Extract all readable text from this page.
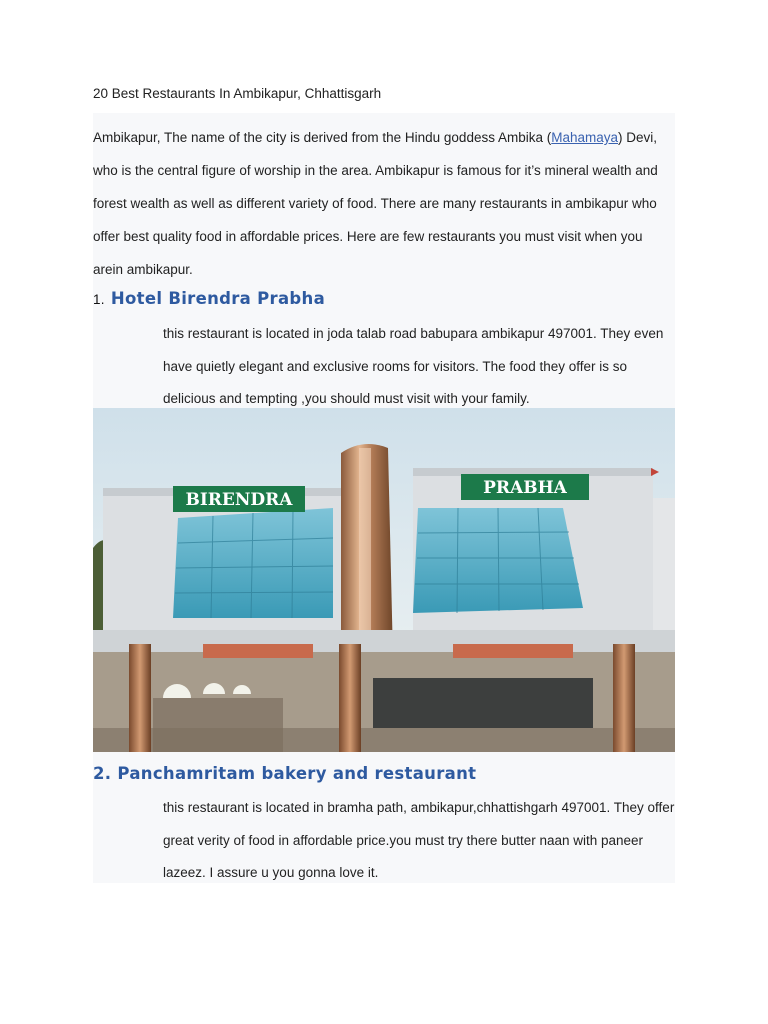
20 Best Restaurants In Ambikapur, Chhattisgarh
Ambikapur, The name of the city is derived from the Hindu goddess Ambika (Mahamaya) Devi, who is the central figure of worship in the area. Ambikapur is famous for it’s mineral wealth and forest wealth as well as different variety of food. There are many restaurants in ambikapur who offer best quality food in affordable prices. Here are few restaurants you must visit when you arein ambikapur.
1. Hotel Birendra Prabha
this restaurant is located in joda talab road babupara ambikapur 497001. They even have quietly elegant and exclusive rooms for visitors. The food they offer is so delicious and tempting ,you should must visit with your family.
BIRENDRA
PRABHA
2. Panchamritam bakery and restaurant
this restaurant is located in bramha path, ambikapur,chhattishgarh 497001. They offer great verity of food in affordable price.you must try there butter naan with paneer lazeez. I assure u you gonna love it.
